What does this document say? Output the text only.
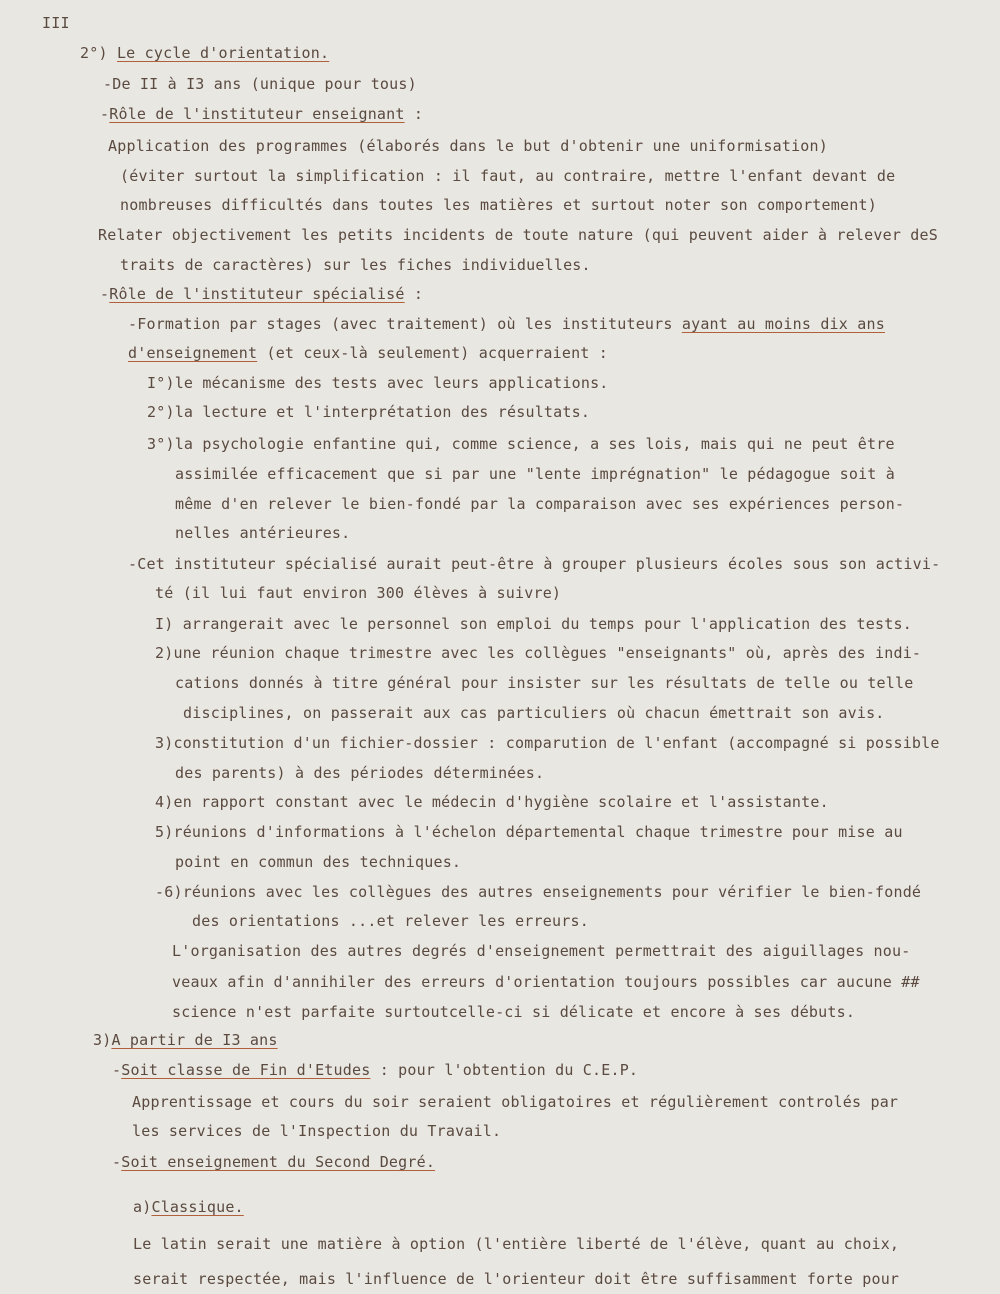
III
2°) Le cycle d'orientation.
-De II à I3 ans (unique pour tous)
-Rôle de l'instituteur enseignant :
Application des programmes (élaborés dans le but d'obtenir une uniformisation)
(éviter surtout la simplification : il faut, au contraire, mettre l'enfant devant de
nombreuses difficultés dans toutes les matières et surtout noter son comportement)
Relater objectivement les petits incidents de toute nature (qui peuvent aider à relever deS
traits de caractères) sur les fiches individuelles.
-Rôle de l'instituteur spécialisé :
-Formation par stages (avec traitement) où les instituteurs ayant au moins dix ans
d'enseignement (et ceux-là seulement) acquerraient :
I°)le mécanisme des tests avec leurs applications.
2°)la lecture et l'interprétation des résultats.
3°)la psychologie enfantine qui, comme science, a ses lois, mais qui ne peut être
assimilée efficacement que si par une "lente imprégnation" le pédagogue soit à
même d'en relever le bien-fondé par la comparaison avec ses expériences person-
nelles antérieures.
-Cet instituteur spécialisé aurait peut-être à grouper plusieurs écoles sous son activi-
té (il lui faut environ 300 élèves à suivre)
I) arrangerait avec le personnel son emploi du temps pour l'application des tests.
2)une réunion chaque trimestre avec les collègues "enseignants" où, après des indi-
cations donnés à titre général pour insister sur les résultats de telle ou telle
disciplines, on passerait aux cas particuliers où chacun émettrait son avis.
3)constitution d'un fichier-dossier : comparution de l'enfant (accompagné si possible
des parents) à des périodes déterminées.
4)en rapport constant avec le médecin d'hygiène scolaire et l'assistante.
5)réunions d'informations à l'échelon départemental chaque trimestre pour mise au
point en commun des techniques.
-6)réunions avec les collègues des autres enseignements pour vérifier le bien-fondé
des orientations ...et relever les erreurs.
L'organisation des autres degrés d'enseignement permettrait des aiguillages nou-
veaux afin d'annihiler des erreurs d'orientation toujours possibles car aucune ##
science n'est parfaite surtoutcelle-ci si délicate et encore à ses débuts.
3)A partir de I3 ans
-Soit classe de Fin d'Etudes : pour l'obtention du C.E.P.
Apprentissage et cours du soir seraient obligatoires et régulièrement controlés par
les services de l'Inspection du Travail.
-Soit enseignement du Second Degré.
a)Classique.
Le latin serait une matière à option (l'entière liberté de l'élève, quant au choix,
serait respectée, mais l'influence de l'orienteur doit être suffisamment forte pour
